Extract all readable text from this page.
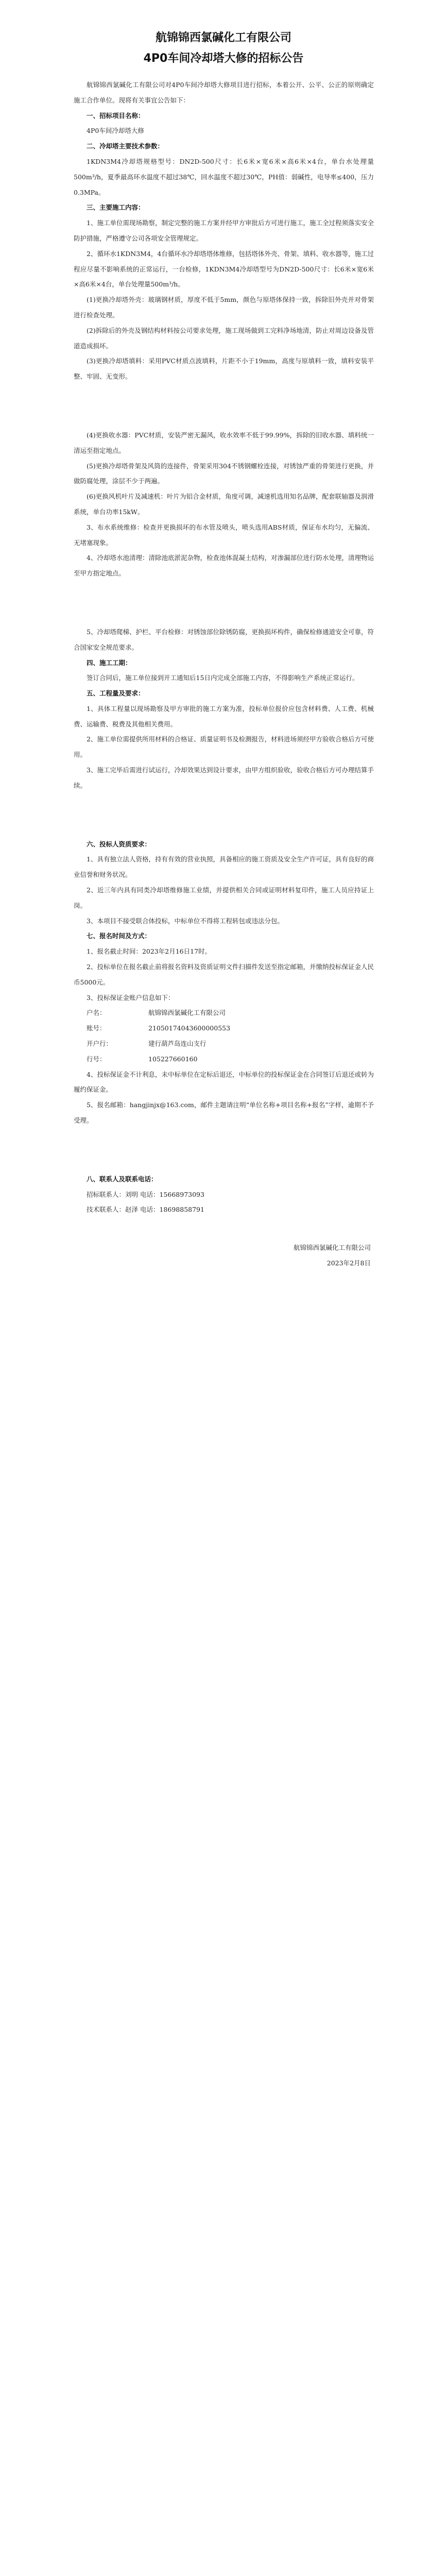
航锦锦西氯碱化工有限公司
4P0车间冷却塔大修的招标公告

航锦锦西氯碱化工有限公司对4P0车间冷却塔大修项目进行招标，本着公开、公平、公正的原则确定施工合作单位。现将有关事宜公告如下：

一、招标项目名称：

4P0车间冷却塔大修

二、冷却塔主要技术参数：

1KDN3M4冷却塔规格型号：DN2D-500尺寸：长6米×宽6米×高6米×4台，单台水处理量500m³/h，夏季最高环水温度不超过38℃，回水温度不超过30℃，PH值：弱碱性，电导率≤400，压力0.3MPa。

三、主要施工内容：

1、施工单位需现场勘察，制定完整的施工方案并经甲方审批后方可进行施工，施工全过程须落实安全防护措施，严格遵守公司各项安全管理规定。

2、循环水1KDN3M4，4台循环水冷却塔塔体维修，包括塔体外壳、骨架、填料、收水器等，施工过程应尽量不影响系统的正常运行，一台检修，1KDN3M4冷却塔型号为DN2D-500尺寸：长6米×宽6米×高6米×4台，单台处理量500m³/h。

(1)更换冷却塔外壳：玻璃钢材质，厚度不低于5mm，颜色与原塔体保持一致，拆除旧外壳并对骨架进行检查处理。

(2)拆除后的外壳及钢结构材料按公司要求处理，施工现场做到工完料净场地清，防止对周边设备及管道造成损坏。

(3)更换冷却塔填料：采用PVC材质点波填料，片距不小于19mm，高度与原填料一致，填料安装平整、牢固、无变形。

(4)更换收水器：PVC材质，安装严密无漏风，收水效率不低于99.99%，拆除的旧收水器、填料统一清运至指定地点。

(5)更换冷却塔骨架及风筒的连接件，骨架采用304不锈钢螺栓连接，对锈蚀严重的骨架进行更换，并做防腐处理，涂层不少于两遍。

(6)更换风机叶片及减速机：叶片为铝合金材质，角度可调，减速机选用知名品牌，配套联轴器及润滑系统，单台功率15kW。

3、布水系统维修：检查并更换损坏的布水管及喷头，喷头选用ABS材质，保证布水均匀，无偏流、无堵塞现象。

4、冷却塔水池清理：清除池底淤泥杂物，检查池体混凝土结构，对渗漏部位进行防水处理，清理物运至甲方指定地点。

5、冷却塔爬梯、护栏、平台检修：对锈蚀部位除锈防腐，更换损坏构件，确保检修通道安全可靠，符合国家安全规范要求。

四、施工工期：

签订合同后，施工单位接到开工通知后15日内完成全部施工内容，不得影响生产系统正常运行。

五、工程量及要求：

1、具体工程量以现场勘察及甲方审批的施工方案为准，投标单位报价应包含材料费、人工费、机械费、运输费、税费及其他相关费用。

2、施工单位需提供所用材料的合格证、质量证明书及检测报告，材料进场须经甲方验收合格后方可使用。

3、施工完毕后需进行试运行，冷却效果达到设计要求，由甲方组织验收，验收合格后方可办理结算手续。

六、投标人资质要求：

1、具有独立法人资格，持有有效的营业执照，具备相应的施工资质及安全生产许可证，具有良好的商业信誉和财务状况。

2、近三年内具有同类冷却塔维修施工业绩，并提供相关合同或证明材料复印件，施工人员应持证上岗。

3、本项目不接受联合体投标，中标单位不得将工程转包或违法分包。

七、报名时间及方式：

1、报名截止时间：2023年2月16日17时。

2、投标单位在报名截止前将报名资料及资质证明文件扫描件发送至指定邮箱，并缴纳投标保证金人民币5000元。

3、投标保证金账户信息如下：

户名：	航锦锦西氯碱化工有限公司

账号：	21050174043600000553

开户行：	建行葫芦岛连山支行

行号：	105227660160

4、投标保证金不计利息，未中标单位在定标后退还，中标单位的投标保证金在合同签订后退还或转为履约保证金。

5、报名邮箱：hangjinjx@163.com，邮件主题请注明“单位名称+项目名称+报名”字样，逾期不予受理。

八、联系人及联系电话：

招标联系人：刘明 电话：15668973093

技术联系人：赵泽 电话：18698858791

航锦锦西氯碱化工有限公司

2023年2月8日
